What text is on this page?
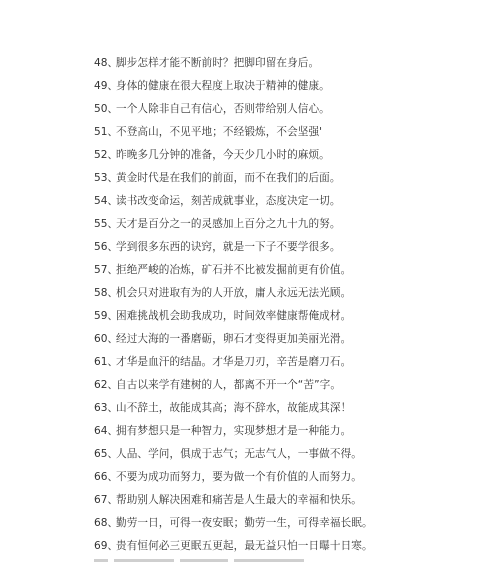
48、
脚步怎样才能不断前时？把脚印留在身后。
49、
身体的健康在很大程度上取决于精神的健康。
50、
一个人除非自己有信心，否则带给别人信心。
51、
不登高山，不见平地；不经锻炼，不会坚强'
52、
昨晚多几分钟的准备，今天少几小时的麻烦。
53、
黄金时代是在我们的前面，而不在我们的后面。
54、
读书改变命运，刻苦成就事业，态度决定一切。
55、
天才是百分之一的灵感加上百分之九十九的努。
56、
学到很多东西的诀窍，就是一下子不要学很多。
57、
拒绝严峻的冶炼，矿石并不比被发掘前更有价值。
58、
机会只对进取有为的人开放，庸人永远无法光顾。
59、
困难挑战机会助我成功，时间效率健康帮俺成材。
60、
经过大海的一番磨砺，卵石才变得更加美丽光滑。
61、
才华是血汗的结晶。才华是刀刃，辛苦是磨刀石。
62、
自古以来学有建树的人，都离不开一个“苦”字。
63、
山不辞土，故能成其高；海不辞水，故能成其深！
64、
拥有梦想只是一种智力，实现梦想才是一种能力。
65、
人品、学问，俱成于志气；无志气人，一事做不得。
66、
不要为成功而努力，要为做一个有价值的人而努力。
67、
帮助别人解决困难和痛苦是人生最大的幸福和快乐。
68、
勤劳一日，可得一夜安眠；勤劳一生，可得幸福长眠。
69、
贵有恒何必三更眠五更起，最无益只怕一日曝十日寒。
